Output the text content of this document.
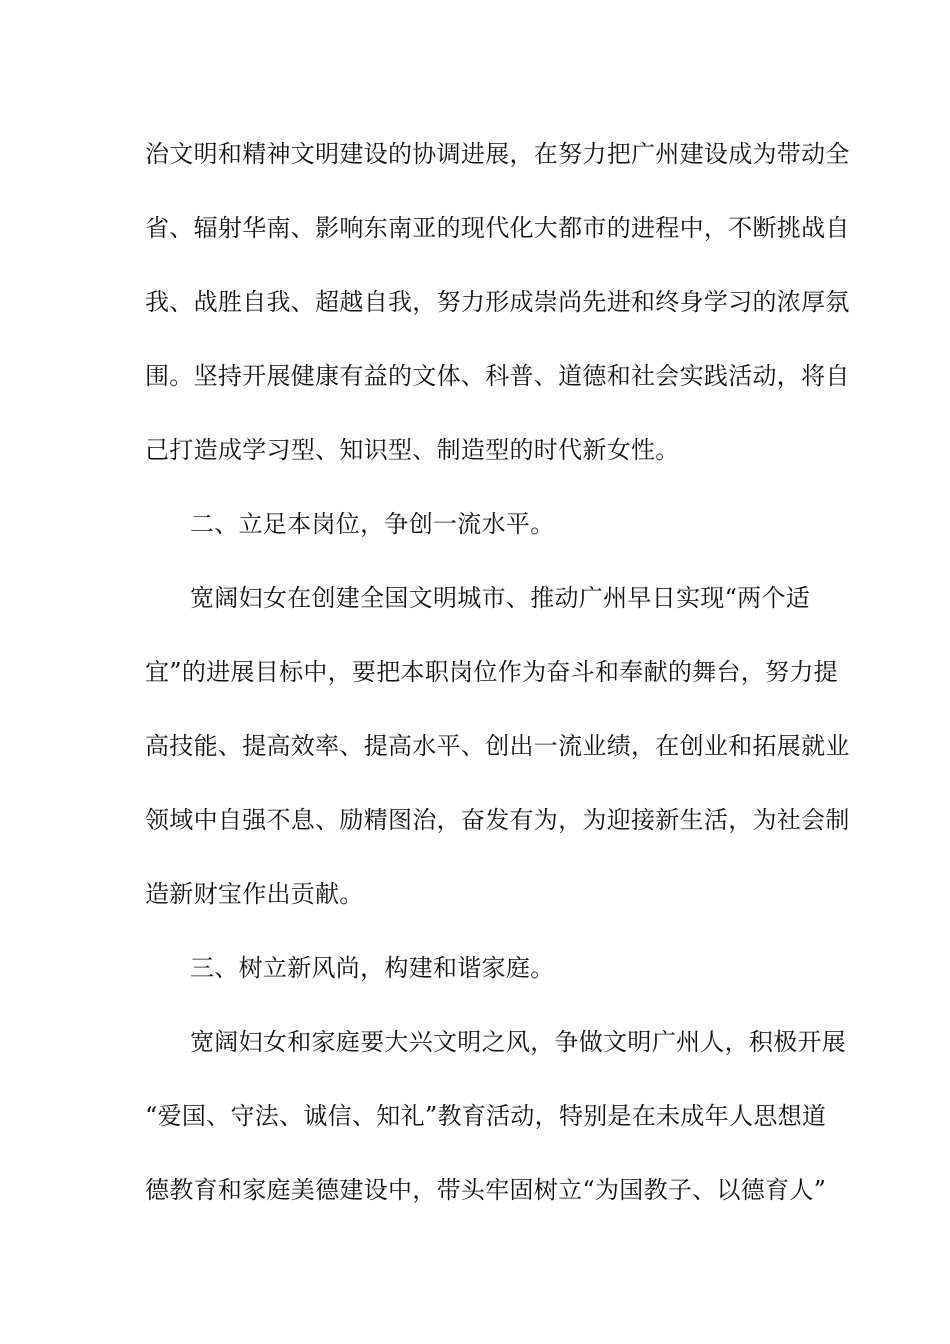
治文明和精神文明建设的协调进展，在努力把广州建设成为带动全
省、辐射华南、影响东南亚的现代化大都市的进程中，不断挑战自
我、战胜自我、超越自我，努力形成崇尚先进和终身学习的浓厚氛
围。坚持开展健康有益的文体、科普、道德和社会实践活动，将自
己打造成学习型、知识型、制造型的时代新女性。
二、立足本岗位，争创一流水平。
宽阔妇女在创建全国文明城市、推动广州早日实现“两个适
宜”的进展目标中，要把本职岗位作为奋斗和奉献的舞台，努力提
高技能、提高效率、提高水平、创出一流业绩，在创业和拓展就业
领域中自强不息、励精图治，奋发有为，为迎接新生活，为社会制
造新财宝作出贡献。
三、树立新风尚，构建和谐家庭。
宽阔妇女和家庭要大兴文明之风，争做文明广州人，积极开展
“爱国、守法、诚信、知礼”教育活动，特别是在未成年人思想道
德教育和家庭美德建设中，带头牢固树立“为国教子、以德育人”
